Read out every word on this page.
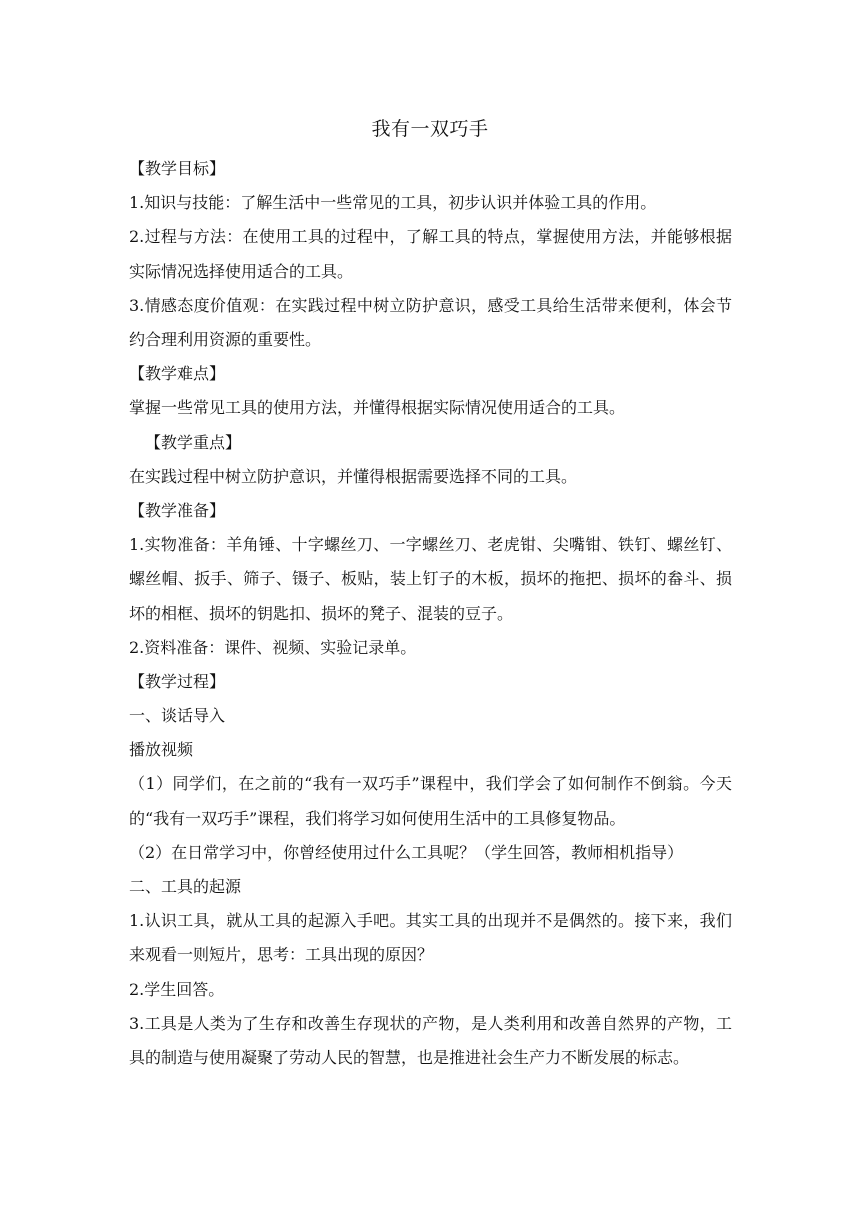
我有一双巧手
【教学目标】
1.知识与技能：了解生活中一些常见的工具，初步认识并体验工具的作用。
2.过程与方法：在使用工具的过程中，了解工具的特点，掌握使用方法，并能够根据实际情况选择使用适合的工具。
3.情感态度价值观：在实践过程中树立防护意识，感受工具给生活带来便利，体会节约合理利用资源的重要性。
【教学难点】
掌握一些常见工具的使用方法，并懂得根据实际情况使用适合的工具。
【教学重点】
在实践过程中树立防护意识，并懂得根据需要选择不同的工具。
【教学准备】
1.实物准备：羊角锤、十字螺丝刀、一字螺丝刀、老虎钳、尖嘴钳、铁钉、螺丝钉、螺丝帽、扳手、筛子、镊子、板贴，装上钉子的木板，损坏的拖把、损坏的畚斗、损坏的相框、损坏的钥匙扣、损坏的凳子、混装的豆子。
2.资料准备：课件、视频、实验记录单。
【教学过程】
一、谈话导入
播放视频
（1）同学们，在之前的“我有一双巧手”课程中，我们学会了如何制作不倒翁。今天的“我有一双巧手”课程，我们将学习如何使用生活中的工具修复物品。
（2）在日常学习中，你曾经使用过什么工具呢？（学生回答，教师相机指导）
二、工具的起源
1.认识工具，就从工具的起源入手吧。其实工具的出现并不是偶然的。接下来，我们来观看一则短片，思考：工具出现的原因？
2.学生回答。
3.工具是人类为了生存和改善生存现状的产物，是人类利用和改善自然界的产物，工具的制造与使用凝聚了劳动人民的智慧，也是推进社会生产力不断发展的标志。
